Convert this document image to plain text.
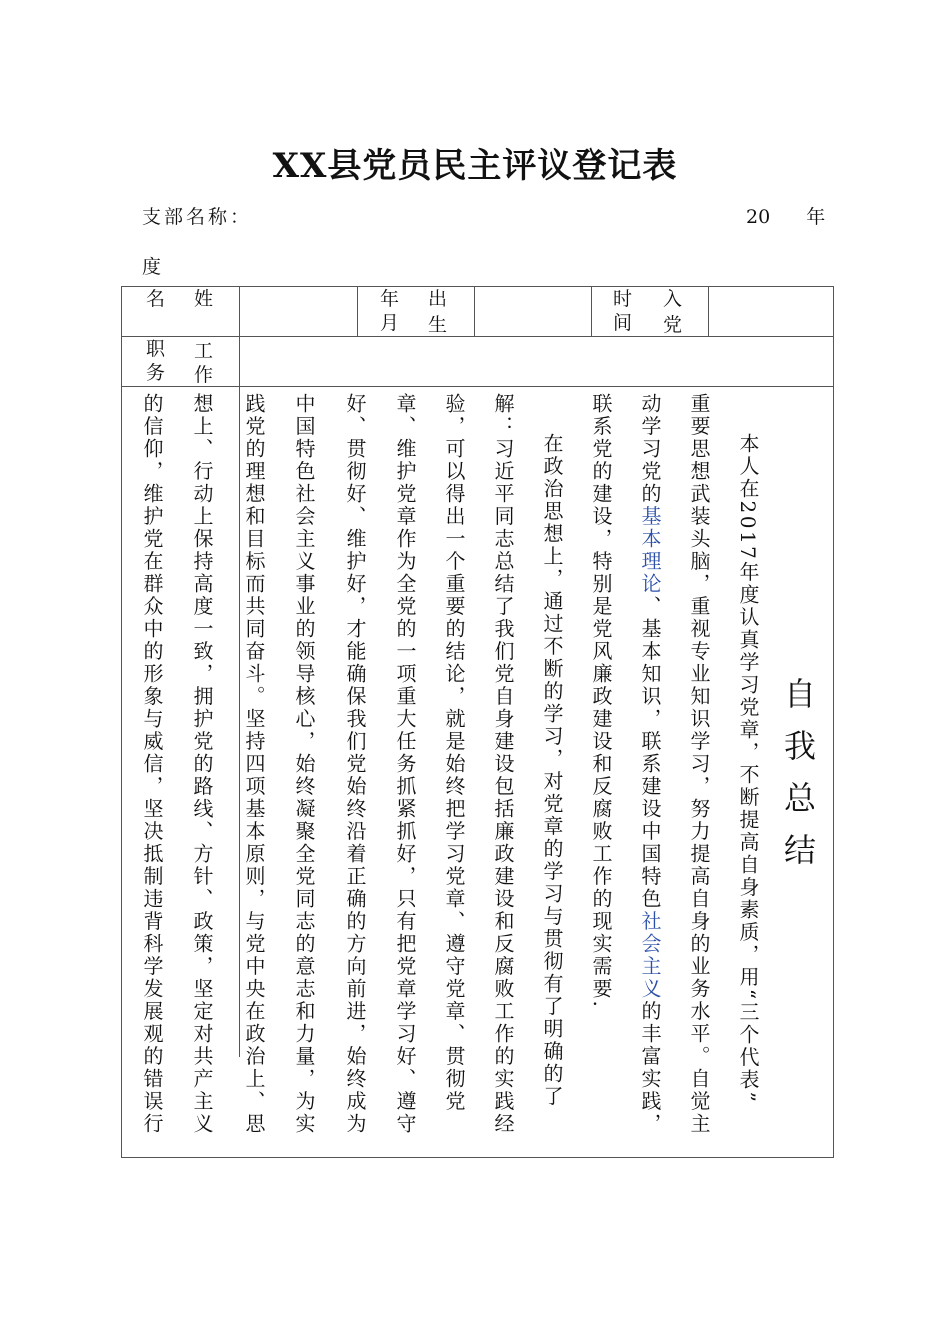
XX县党员民主评议登记表
支部名称：	20 年
度
名 姓	年 出
月 生
时 入
间 党
职 工
务 作
自我总结
本人在2017年度认真学习党章，不断提高自身素质，用“三个代表”
重要思想武装头脑，重视专业知识学习，努力提高自身的业务水平。自觉主
动学习党的基本理论、基本知识，联系建设中国特色社会主义的丰富实践，
联系党的建设，特别是党风廉政建设和反腐败工作的现实需要.
在政治思想上，通过不断的学习，对党章的学习与贯彻有了明确的了
解：习近平同志总结了我们党自身建设包括廉政建设和反腐败工作的实践经
验，可以得出一个重要的结论，就是始终把学习党章、遵守党章、贯彻党
章、维护党章作为全党的一项重大任务抓紧抓好，只有把党章学习好、遵守
好、贯彻好、维护好，才能确保我们党始终沿着正确的方向前进，始终成为
中国特色社会主义事业的领导核心，始终凝聚全党同志的意志和力量，为实
践党的理想和目标而共同奋斗。坚持四项基本原则，与党中央在政治上、思
想上、行动上保持高度一致，拥护党的路线、方针、政策，坚定对共产主义
的信仰，维护党在群众中的形象与威信，坚决抵制违背科学发展观的错误行
